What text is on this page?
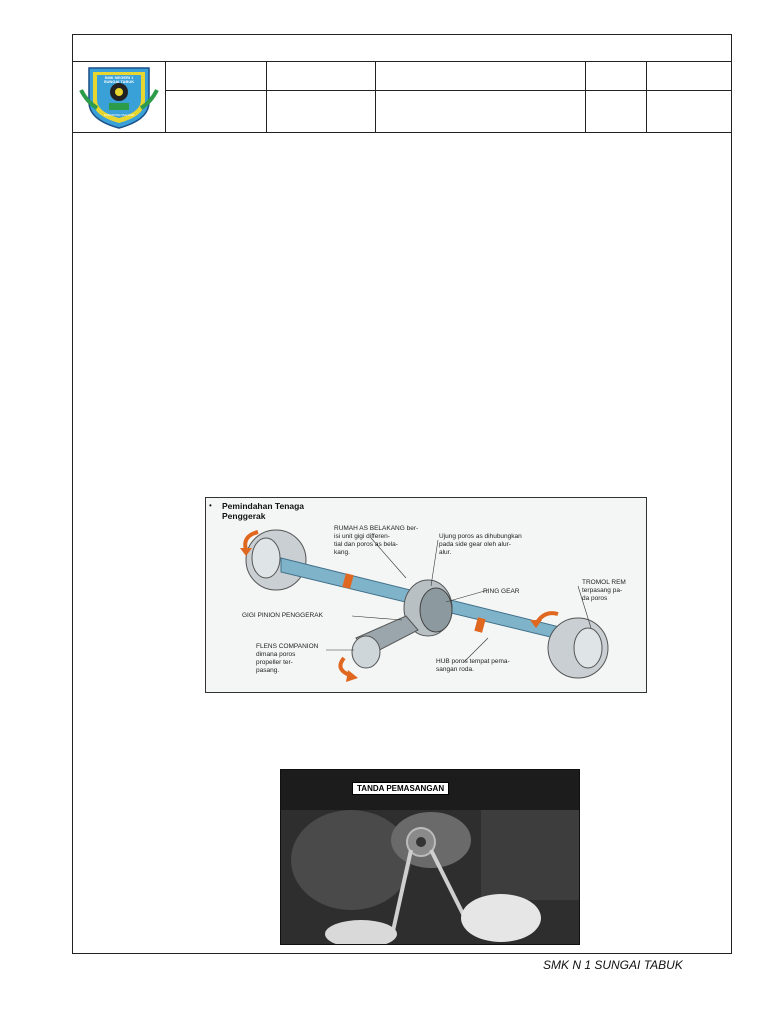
SMK NEGERI 1
SUNGAI TABUK
KABUPATEN BANJAR

• Pemindahan Tenaga
Penggerak
RUMAH AS BELAKANG ber-
isi unit gigi differen-
tial dan poros as bela-
kang.
Ujung poros as dihubungkan
pada side gear oleh alur-
alur.
RING GEAR
TROMOL REM
terpasang pa-
da poros
GIGI PINION PENGGERAK
FLENS COMPANION
dimana poros
propeller ter-
pasang.
HUB poros tempat pema-
sangan roda.
TANDA PEMASANGAN
SMK N 1 SUNGAI TABUK
